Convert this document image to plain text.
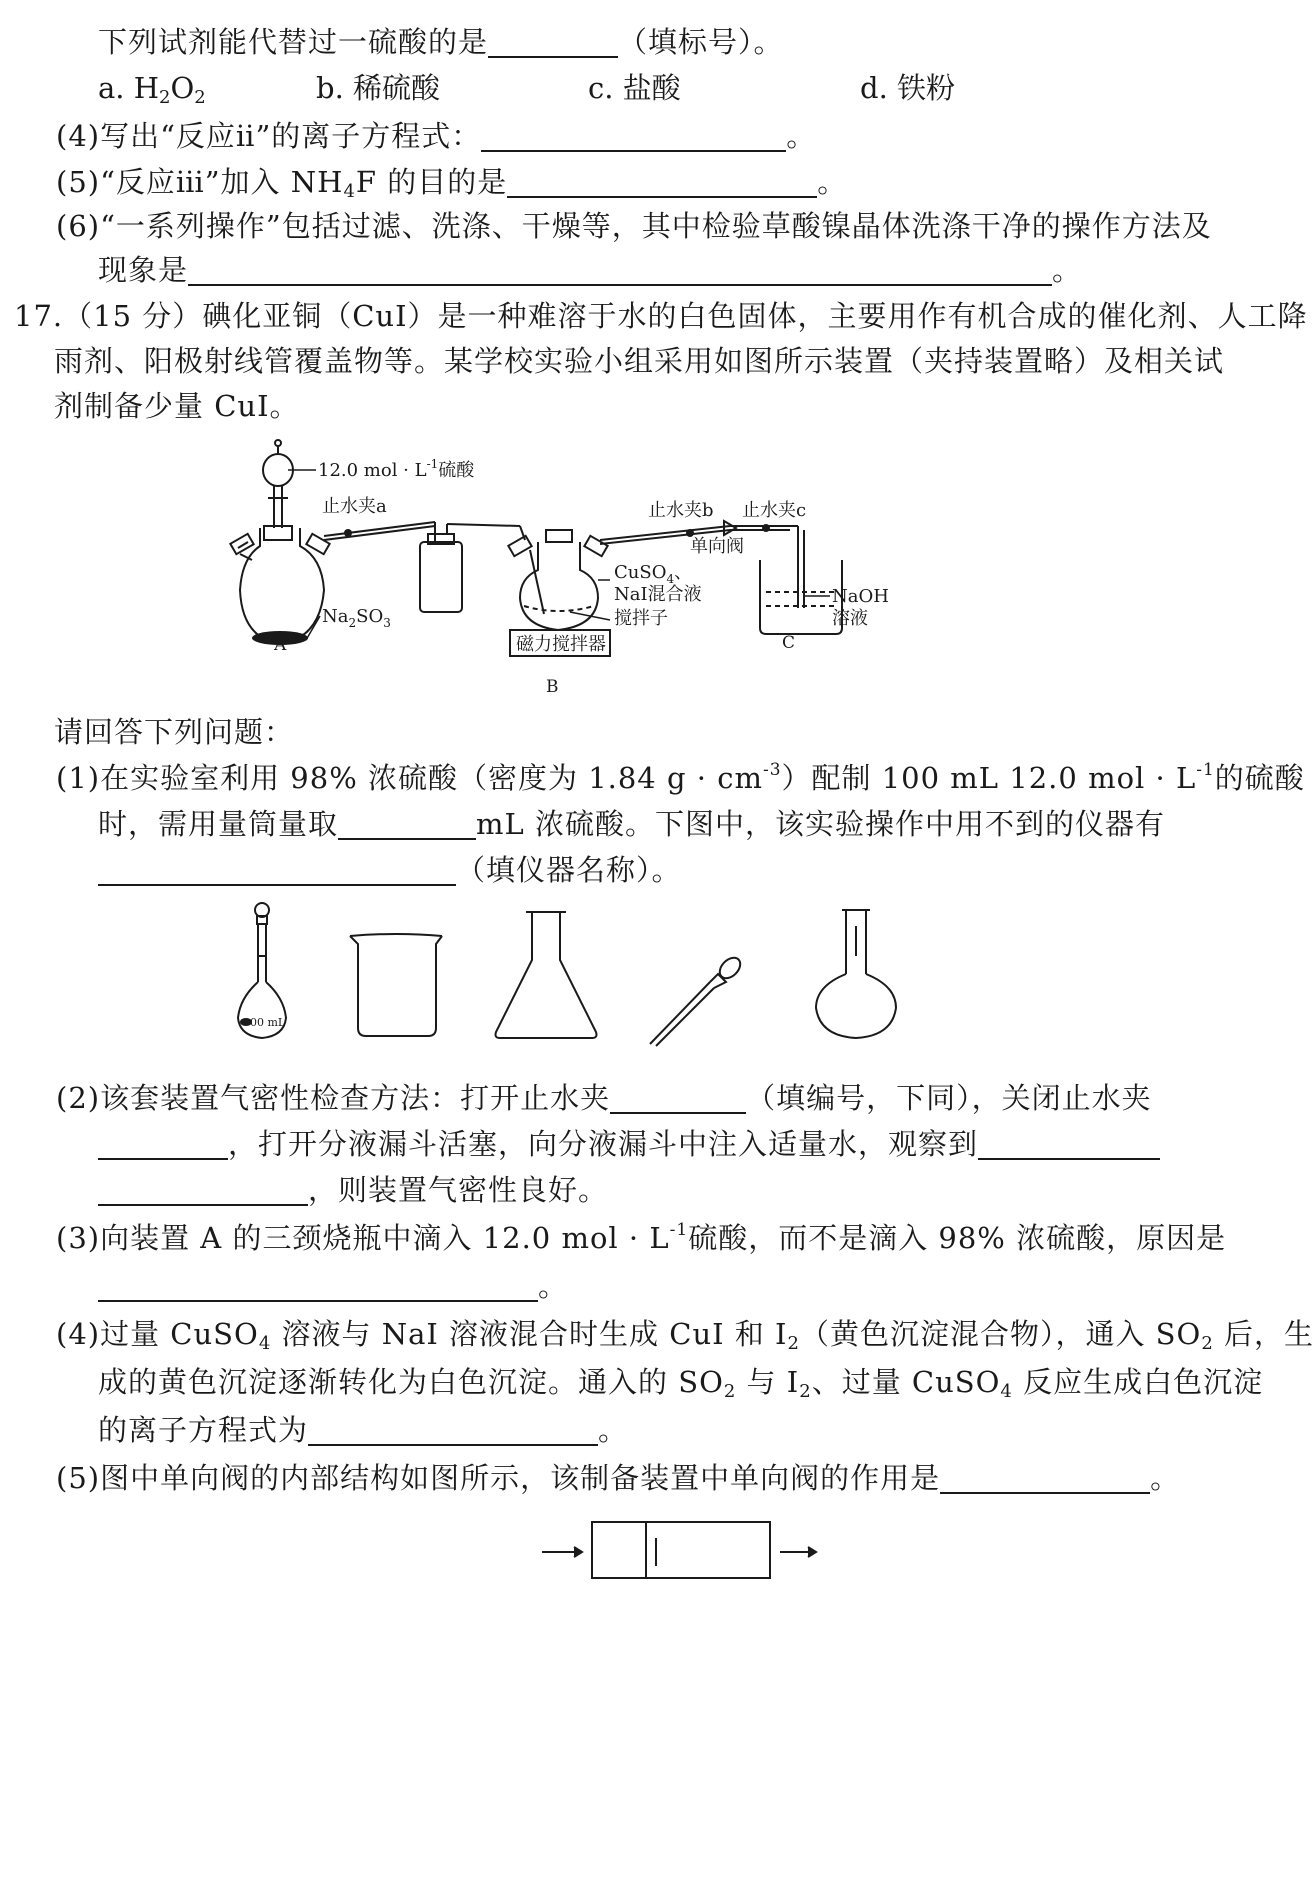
下列试剂能代替过一硫酸的是	（填标号）。
a. $H_2O_2$	b. 稀硫酸	c. 盐酸	d. 铁粉
(4)写出“反应ⅱ”的离子方程式：	。
(5)“反应ⅲ”加入 $NH_4F$ 的目的是	。
(6)“一系列操作”包括过滤、洗涤、干燥等，其中检验草酸镍晶体洗涤干净的操作方法及
现象是	。
17.（15 分）碘化亚铜（CuI）是一种难溶于水的白色固体，主要用作有机合成的催化剂、人工降
雨剂、阳极射线管覆盖物等。某学校实验小组采用如图所示装置（夹持装置略）及相关试
剂制备少量 CuI。
12.0 mol · $L^{-1}$硫酸
止水夹a	止水夹b 止水夹c
单向阀
CuSO$_4$、
NaI混合液
搅拌子
磁力搅拌器
$Na_2SO_3$
NaOH
溶液
A
B
C
请回答下列问题：
(1)在实验室利用 98% 浓硫酸（密度为 1.84 $g \cdot cm^{-3}$）配制 100 mL 12.0 mol · $L^{-1}$的硫酸
时，需用量筒量取	mL 浓硫酸。下图中，该实验操作中用不到的仪器有
（填仪器名称）。
00 mL
(2)该套装置气密性检查方法：打开止水夹	（填编号，下同），关闭止水夹
，打开分液漏斗活塞，向分液漏斗中注入适量水，观察到
，则装置气密性良好。
(3)向装置 A 的三颈烧瓶中滴入 12.0 mol · $L^{-1}$硫酸，而不是滴入 98% 浓硫酸，原因是
。
(4)过量 CuSO$_4$ 溶液与 NaI 溶液混合时生成 CuI 和 $I_2$（黄色沉淀混合物），通入 $SO_2$ 后，生
成的黄色沉淀逐渐转化为白色沉淀。通入的 $SO_2$ 与 $I_2$、过量 CuSO$_4$ 反应生成白色沉淀
的离子方程式为	。
(5)图中单向阀的内部结构如图所示，该制备装置中单向阀的作用是	。
